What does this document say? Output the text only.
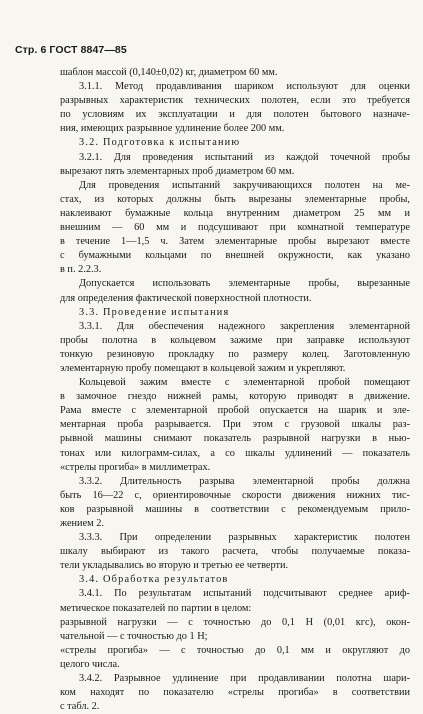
Стр. 6 ГОСТ 8847—85

шаблон массой (0,140±0,02) кг, диаметром 60 мм.

3.1.1. Метод продавливания шариком используют для оценки
разрывных характеристик технических полотен, если это требуется
по условиям их эксплуатации и для полотен бытового назначе-
ния, имеющих разрывное удлинение более 200 мм.

3.2. Подготовка к испытанию

3.2.1. Для проведения испытаний из каждой точечной пробы
вырезают пять элементарных проб диаметром 60 мм.

Для проведения испытаний закручивающихся полотен на ме-
стах, из которых должны быть вырезаны элементарные пробы,
наклеивают бумажные кольца внутренним диаметром 25 мм и
внешним — 60 мм и подсушивают при комнатной температуре
в течение 1—1,5 ч. Затем элементарные пробы вырезают вместе
с бумажными кольцами по внешней окружности, как указано
в п. 2.2.3.

Допускается использовать элементарные пробы, вырезанные
для определения фактической поверхностной плотности.

3.3. Проведение испытания

3.3.1. Для обеспечения надежного закрепления элементарной
пробы полотна в кольцевом зажиме при заправке используют
тонкую резиновую прокладку по размеру колец. Заготовленную
элементарную пробу помещают в кольцевой зажим и укрепляют.

Кольцевой зажим вместе с элементарной пробой помещают
в замочное гнездо нижней рамы, которую приводят в движение.
Рама вместе с элементарной пробой опускается на шарик и эле-
ментарная проба разрывается. При этом с грузовой шкалы раз-
рывной машины снимают показатель разрывной нагрузки в нью-
тонах или килограмм-силах, а со шкалы удлинений — показатель
«стрелы прогиба» в миллиметрах.

3.3.2. Длительность разрыва элементарной пробы должна
быть 16—22 с, ориентировочные скорости движения нижних тис-
ков разрывной машины в соответствии с рекомендуемым прило-
жением 2.

3.3.3. При определении разрывных характеристик полотен
шкалу выбирают из такого расчета, чтобы получаемые показа-
тели укладывались во вторую и третью ее четверти.

3.4. Обработка результатов

3.4.1. По результатам испытаний подсчитывают среднее ариф-
метическое показателей по партии в целом:

разрывной нагрузки — с точностью до 0,1 Н (0,01 кгс), окон-
чательной — с точностью до 1 Н;

«стрелы прогиба» — с точностью до 0,1 мм и округляют до
целого числа.

3.4.2. Разрывное удлинение при продавливании полотна шари-
ком находят по показателю «стрелы прогиба» в соответствии
с табл. 2.
